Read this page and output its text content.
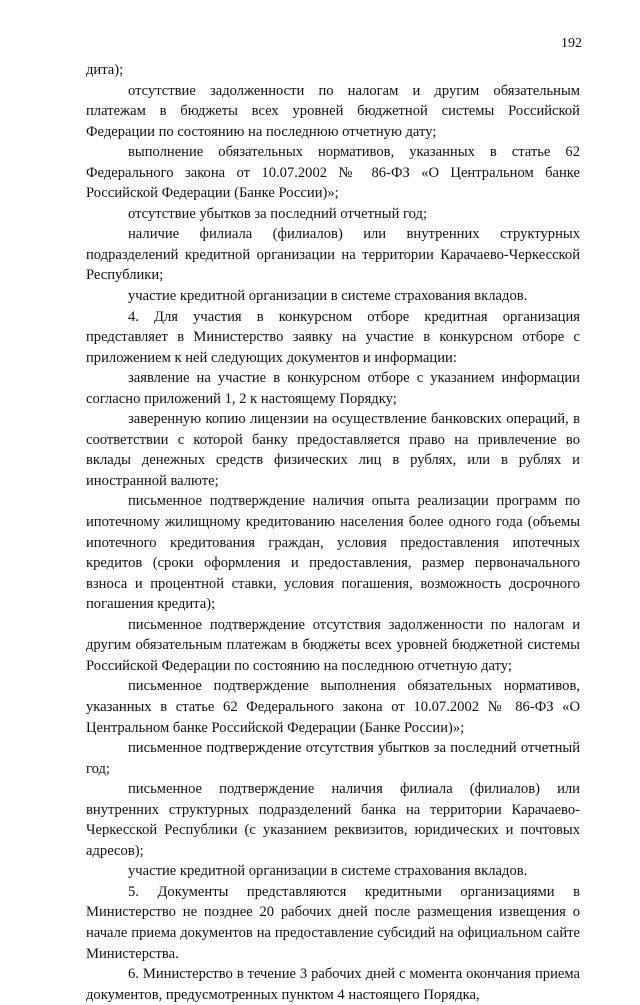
192

дита);

отсутствие задолженности по налогам и другим обязательным платежам в бюджеты всех уровней бюджетной системы Российской Федерации по состоянию на последнюю отчетную дату;

выполнение обязательных нормативов, указанных в статье 62 Федерального закона от 10.07.2002 № 86-ФЗ «О Центральном банке Российской Федерации (Банке России)»;

отсутствие убытков за последний отчетный год;

наличие филиала (филиалов) или внутренних структурных подразделений кредитной организации на территории Карачаево-Черкесской Республики;

участие кредитной организации в системе страхования вкладов.

4. Для участия в конкурсном отборе кредитная организация представляет в Министерство заявку на участие в конкурсном отборе с приложением к ней следующих документов и информации:

заявление на участие в конкурсном отборе с указанием информации согласно приложений 1, 2 к настоящему Порядку;

заверенную копию лицензии на осуществление банковских операций, в соответствии с которой банку предоставляется право на привлечение во вклады денежных средств физических лиц в рублях, или в рублях и иностранной валюте;

письменное подтверждение наличия опыта реализации программ по ипотечному жилищному кредитованию населения более одного года (объемы ипотечного кредитования граждан, условия предоставления ипотечных кредитов (сроки оформления и предоставления, размер первоначального взноса и процентной ставки, условия погашения, возможность досрочного погашения кредита);

письменное подтверждение отсутствия задолженности по налогам и другим обязательным платежам в бюджеты всех уровней бюджетной системы Российской Федерации по состоянию на последнюю отчетную дату;

письменное подтверждение выполнения обязательных нормативов, указанных в статье 62 Федерального закона от 10.07.2002 № 86-ФЗ «О Центральном банке Российской Федерации (Банке России)»;

письменное подтверждение отсутствия убытков за последний отчетный год;

письменное подтверждение наличия филиала (филиалов) или внутренних структурных подразделений банка на территории Карачаево-Черкесской Республики (с указанием реквизитов, юридических и почтовых адресов);

участие кредитной организации в системе страхования вкладов.

5. Документы представляются кредитными организациями в Министерство не позднее 20 рабочих дней после размещения извещения о начале приема документов на предоставление субсидий на официальном сайте Министерства.

6. Министерство в течение 3 рабочих дней с момента окончания приема документов, предусмотренных пунктом 4 настоящего Порядка,
